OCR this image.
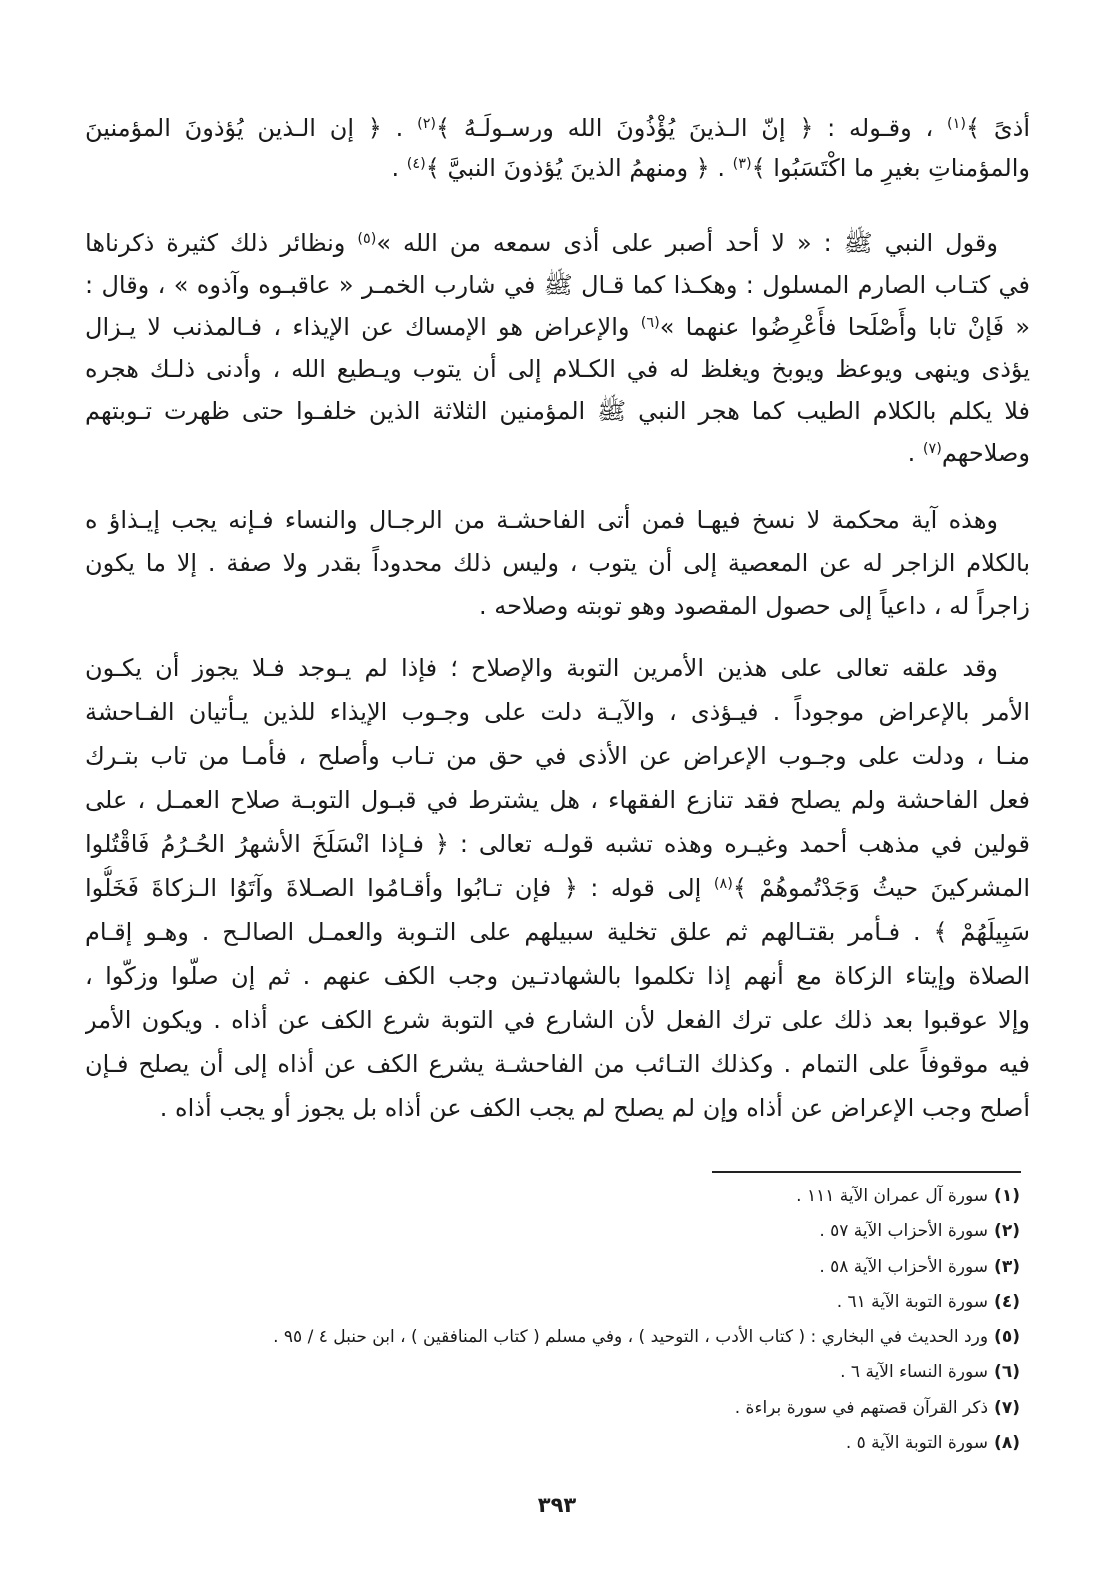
أذىً ﴾$^{(١)}$ ، وقـوله : ﴿ إنّ الـذينَ يُؤْذُونَ الله ورسـولَـهُ ﴾$^{(٢)}$ . ﴿ إن الـذين يُؤذونَ المؤمنينَ
والمؤمناتِ بغيرِ ما اكْتَسَبُوا ﴾$^{(٣)}$ . ﴿ ومنهمُ الذينَ يُؤذونَ النبيَّ ﴾$^{(٤)}$ .
وقول النبي ﷺ : « لا أحد أصبر على أذى سمعه من الله »$^{(٥)}$ ونظائر ذلك كثيرة ذكرناها
في كتـاب الصارم المسلول : وهكـذا كما قـال ﷺ في شارب الخمـر « عاقبـوه وآذوه » ، وقال :
« فَإنْ تابا وأَصْلَحا فأَعْرِضُوا عنهما »$^{(٦)}$ والإعراض هو الإمساك عن الإيذاء ، فـالمذنب لا يـزال
يؤذى وينهى ويوعظ ويوبخ ويغلظ له في الكـلام إلى أن يتوب ويـطيع الله ، وأدنى ذلـك هجره
فلا يكلم بالكلام الطيب كما هجر النبي ﷺ المؤمنين الثلاثة الذين خلفـوا حتى ظهرت تـوبتهم
وصلاحهم$^{(٧)}$ .
وهذه آية محكمة لا نسخ فيهـا فمن أتى الفاحشـة من الرجـال والنساء فـإنه يجب إيـذاؤ ه
بالكلام الزاجر له عن المعصية إلى أن يتوب ، وليس ذلك محدوداً بقدر ولا صفة . إلا ما يكون
زاجراً له ، داعياً إلى حصول المقصود وهو توبته وصلاحه .
وقد علقه تعالى على هذين الأمرين التوبة والإصلاح ؛ فإذا لم يـوجد فـلا يجوز أن يكـون
الأمر بالإعراض موجوداً . فيـؤذى ، والآيـة دلت على وجـوب الإيذاء للذين يـأتيان الفـاحشة
منـا ، ودلت على وجـوب الإعراض عن الأذى في حق من تـاب وأصلح ، فأمـا من تاب بتـرك
فعل الفاحشة ولم يصلح فقد تنازع الفقهاء ، هل يشترط في قبـول التوبـة صلاح العمـل ، على
قولين في مذهب أحمد وغيـره وهذه تشبه قولـه تعالى : ﴿ فـإذا انْسَلَخَ الأشهرُ الحُـرُمُ فَاقْتُلوا
المشركينَ حيثُ وَجَدْتُموهُمْ ﴾$^{(٨)}$ إلى قوله : ﴿ فإن تـابُوا وأقـامُوا الصـلاةَ وآتَوُا الـزكاةَ فَخَلُّوا
سَبِيلَهُمْ ﴾ . فـأمر بقتـالهم ثم علق تخلية سبيلهم على التـوبة والعمـل الصالـح . وهـو إقـام
الصلاة وإيتاء الزكاة مع أنهم إذا تكلموا بالشهادتـين وجب الكف عنهم . ثم إن صلّوا وزكّوا ،
وإلا عوقبوا بعد ذلك على ترك الفعل لأن الشارع في التوبة شرع الكف عن أذاه . ويكون الأمر
فيه موقوفاً على التمام . وكذلك التـائب من الفاحشـة يشرع الكف عن أذاه إلى أن يصلح فـإن
أصلح وجب الإعراض عن أذاه وإن لم يصلح لم يجب الكف عن أذاه بل يجوز أو يجب أذاه .
(١)سورة آل عمران الآية ١١١ .
(٢)سورة الأحزاب الآية ٥٧ .
(٣)سورة الأحزاب الآية ٥٨ .
(٤)سورة التوبة الآية ٦١ .
(٥)ورد الحديث في البخاري : ( كتاب الأدب ، التوحيد ) ، وفي مسلم ( كتاب المنافقين ) ، ابن حنبل ٤ / ٩٥ .
(٦)سورة النساء الآية ٦ .
(٧)ذكر القرآن قصتهم في سورة براءة .
(٨)سورة التوبة الآية ٥ .
٣٩٣
